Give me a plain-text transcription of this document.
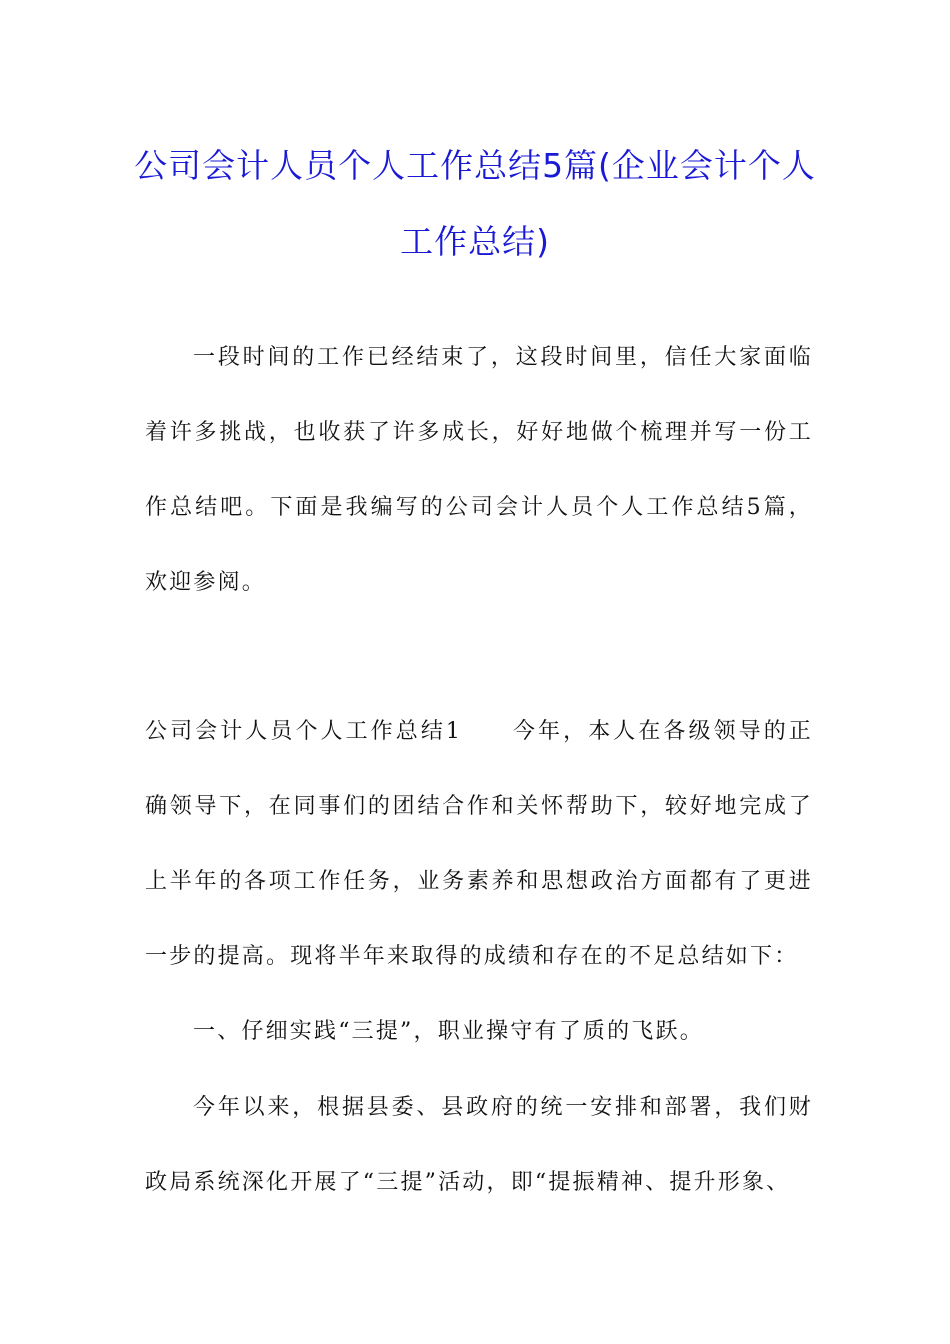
公司会计人员个人工作总结5篇(企业会计个人工作总结)
一段时间的工作已经结束了，这段时间里，信任大家面临着许多挑战，也收获了许多成长，好好地做个梳理并写一份工作总结吧。下面是我编写的公司会计人员个人工作总结5篇，欢迎参阅。
公司会计人员个人工作总结1 今年，本人在各级领导的正确领导下，在同事们的团结合作和关怀帮助下，较好地完成了上半年的各项工作任务，业务素养和思想政治方面都有了更进一步的提高。现将半年来取得的成绩和存在的不足总结如下：
一、仔细实践“三提”，职业操守有了质的飞跃。
今年以来，根据县委、县政府的统一安排和部署，我们财政局系统深化开展了“三提”活动，即“提振精神、提升形象、
